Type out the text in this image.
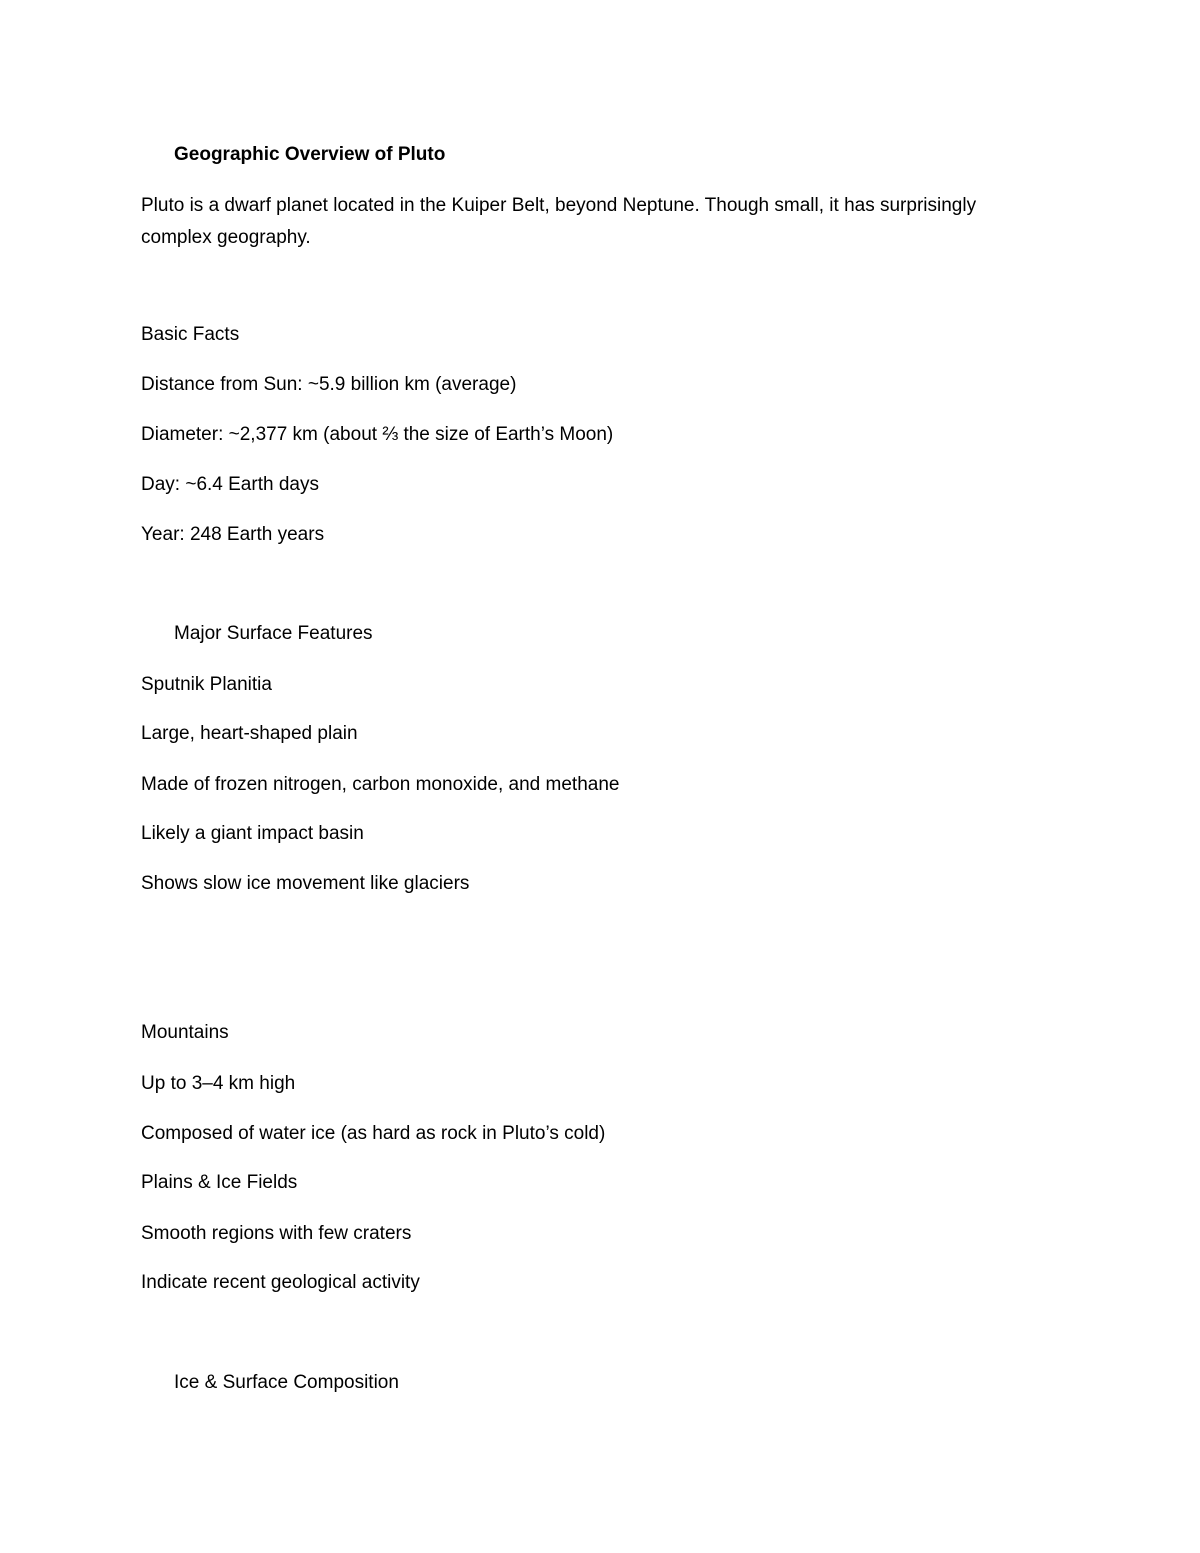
Geographic Overview of Pluto

Pluto is a dwarf planet located in the Kuiper Belt, beyond Neptune. Though small, it has surprisingly complex geography.

Basic Facts

Distance from Sun: ~5.9 billion km (average)

Diameter: ~2,377 km (about ⅔ the size of Earth’s Moon)

Day: ~6.4 Earth days

Year: 248 Earth years

Major Surface Features

Sputnik Planitia

Large, heart-shaped plain

Made of frozen nitrogen, carbon monoxide, and methane

Likely a giant impact basin

Shows slow ice movement like glaciers

Mountains

Up to 3–4 km high

Composed of water ice (as hard as rock in Pluto’s cold)

Plains & Ice Fields

Smooth regions with few craters

Indicate recent geological activity

Ice & Surface Composition
